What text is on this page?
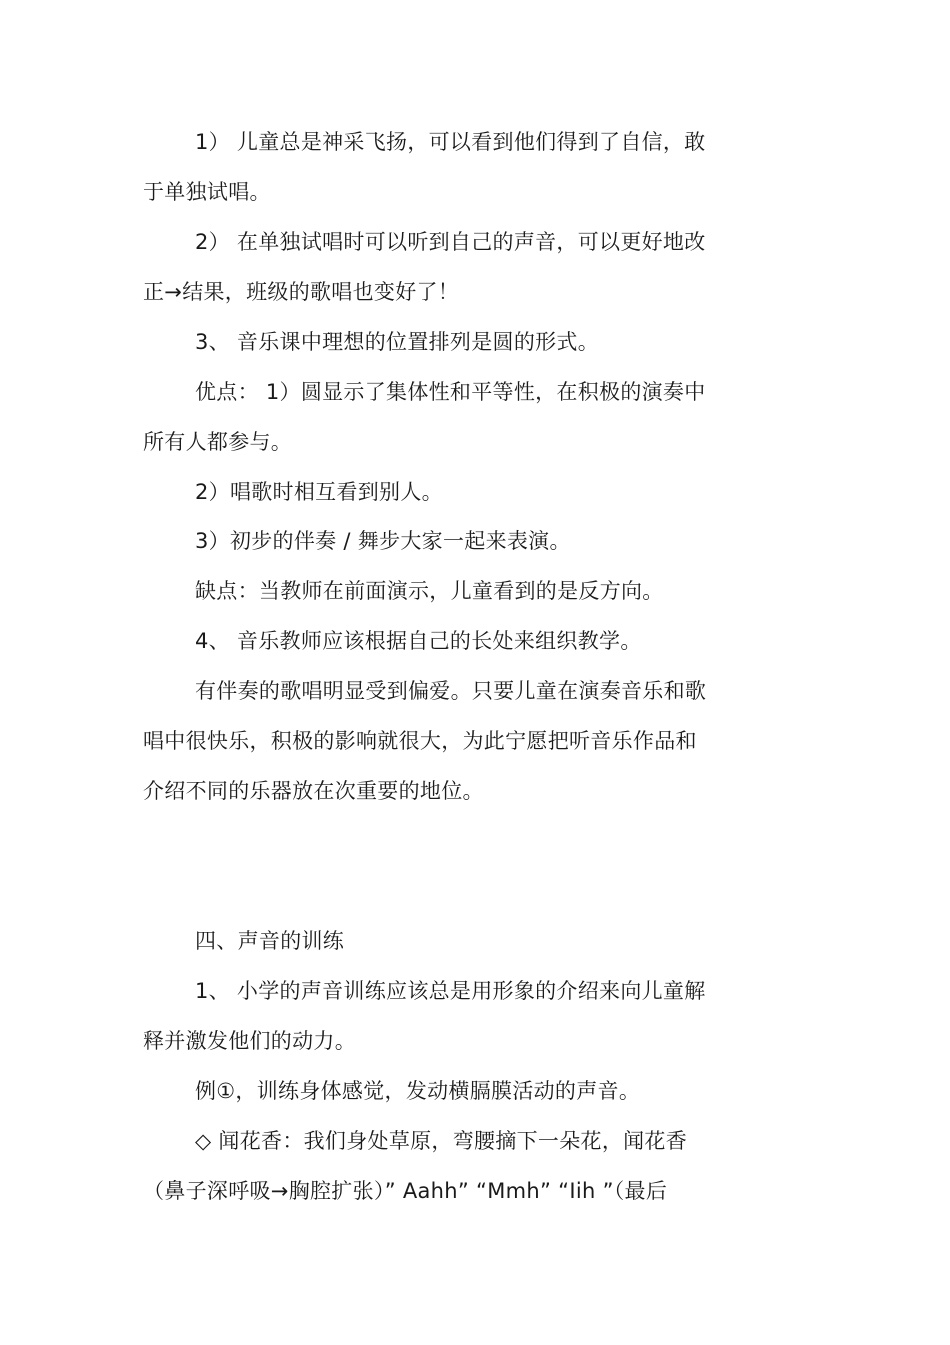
1） 儿童总是神采飞扬，可以看到他们得到了自信，敢
于单独试唱。
2） 在单独试唱时可以听到自己的声音，可以更好地改
正→结果，班级的歌唱也变好了！
3、 音乐课中理想的位置排列是圆的形式。
优点： 1）圆显示了集体性和平等性，在积极的演奏中
所有人都参与。
2）唱歌时相互看到别人。
3）初步的伴奏 / 舞步大家一起来表演。
缺点：当教师在前面演示，儿童看到的是反方向。
4、 音乐教师应该根据自己的长处来组织教学。
有伴奏的歌唱明显受到偏爱。只要儿童在演奏音乐和歌
唱中很快乐，积极的影响就很大，为此宁愿把听音乐作品和
介绍不同的乐器放在次重要的地位。
四、声音的训练
1、 小学的声音训练应该总是用形象的介绍来向儿童解
释并激发他们的动力。
例①，训练身体感觉，发动横膈膜活动的声音。
◇ 闻花香：我们身处草原，弯腰摘下一朵花，闻花香
（鼻子深呼吸→胸腔扩张）” Aahh” “Mmh” “Iih ”（最后
